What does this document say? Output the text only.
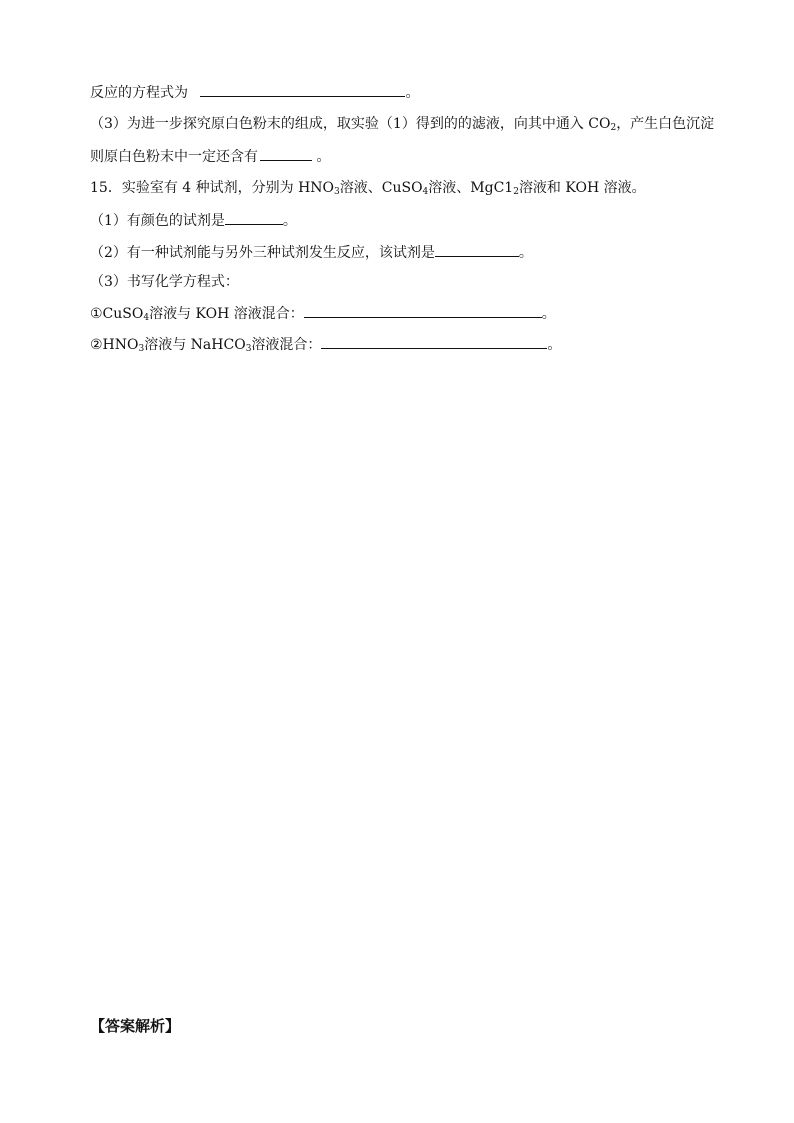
反应的方程式为	。
（3）为进一步探究原白色粉末的组成，取实验（1）得到的的滤液，向其中通入 $CO_2$，产生白色沉淀
则原白色粉末中一定还含有	。
15．实验室有 4 种试剂，分别为 $HNO_3$溶液、CuSO$_4$溶液、$MgC1_2$溶液和 KOH 溶液。
（1）有颜色的试剂是	。
（2）有一种试剂能与另外三种试剂发生反应，该试剂是	。
（3）书写化学方程式：
①CuSO$_4$溶液与 KOH 溶液混合：	。
$②HNO_3$溶液与 NaHCO$_3$溶液混合：	。
【答案解析】
